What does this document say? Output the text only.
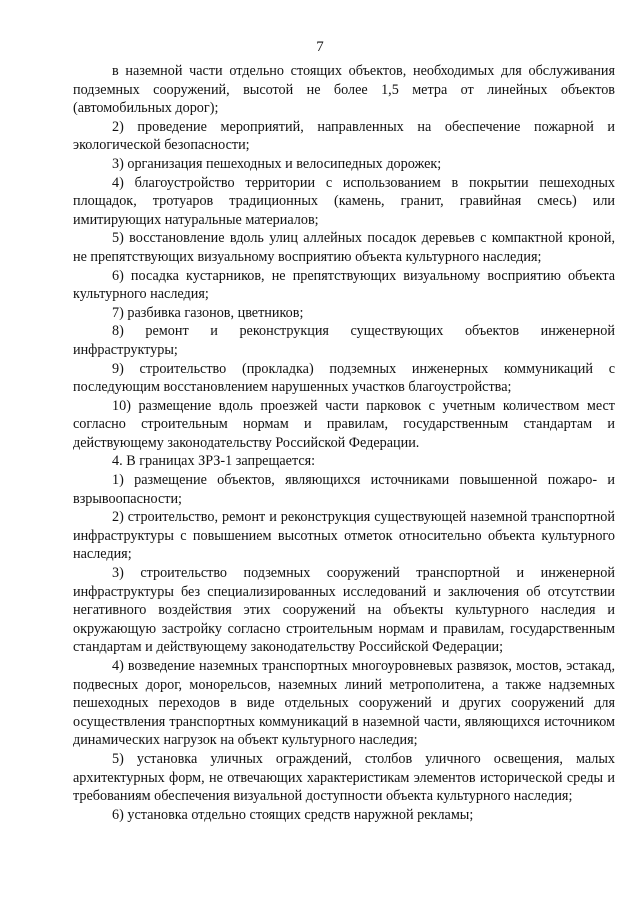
7

в наземной части отдельно стоящих объектов, необходимых для обслуживания подземных сооружений, высотой не более 1,5 метра от линейных объектов (автомобильных дорог);

2) проведение мероприятий, направленных на обеспечение пожарной и экологической безопасности;

3) организация пешеходных и велосипедных дорожек;

4) благоустройство территории с использованием в покрытии пешеходных площадок, тротуаров традиционных (камень, гранит, гравийная смесь) или имитирующих натуральные материалов;

5) восстановление вдоль улиц аллейных посадок деревьев с компактной кроной, не препятствующих визуальному восприятию объекта культурного наследия;

6) посадка кустарников, не препятствующих визуальному восприятию объекта культурного наследия;

7) разбивка газонов, цветников;

8) ремонт и реконструкция существующих объектов инженерной инфраструктуры;

9) строительство (прокладка) подземных инженерных коммуникаций с последующим восстановлением нарушенных участков благоустройства;

10) размещение вдоль проезжей части парковок с учетным количеством мест согласно строительным нормам и правилам, государственным стандартам и действующему законодательству Российской Федерации.

4. В границах ЗРЗ-1 запрещается:

1) размещение объектов, являющихся источниками повышенной пожаро- и взрывоопасности;

2) строительство, ремонт и реконструкция существующей наземной транспортной инфраструктуры с повышением высотных отметок относительно объекта культурного наследия;

3) строительство подземных сооружений транспортной и инженерной инфраструктуры без специализированных исследований и заключения об отсутствии негативного воздействия этих сооружений на объекты культурного наследия и окружающую застройку согласно строительным нормам и правилам, государственным стандартам и действующему законодательству Российской Федерации;

4) возведение наземных транспортных многоуровневых развязок, мостов, эстакад, подвесных дорог, монорельсов, наземных линий метрополитена, а также надземных пешеходных переходов в виде отдельных сооружений и других сооружений для осуществления транспортных коммуникаций в наземной части, являющихся источником динамических нагрузок на объект культурного наследия;

5) установка уличных ограждений, столбов уличного освещения, малых архитектурных форм, не отвечающих характеристикам элементов исторической среды и требованиям обеспечения визуальной доступности объекта культурного наследия;

6) установка отдельно стоящих средств наружной рекламы;
